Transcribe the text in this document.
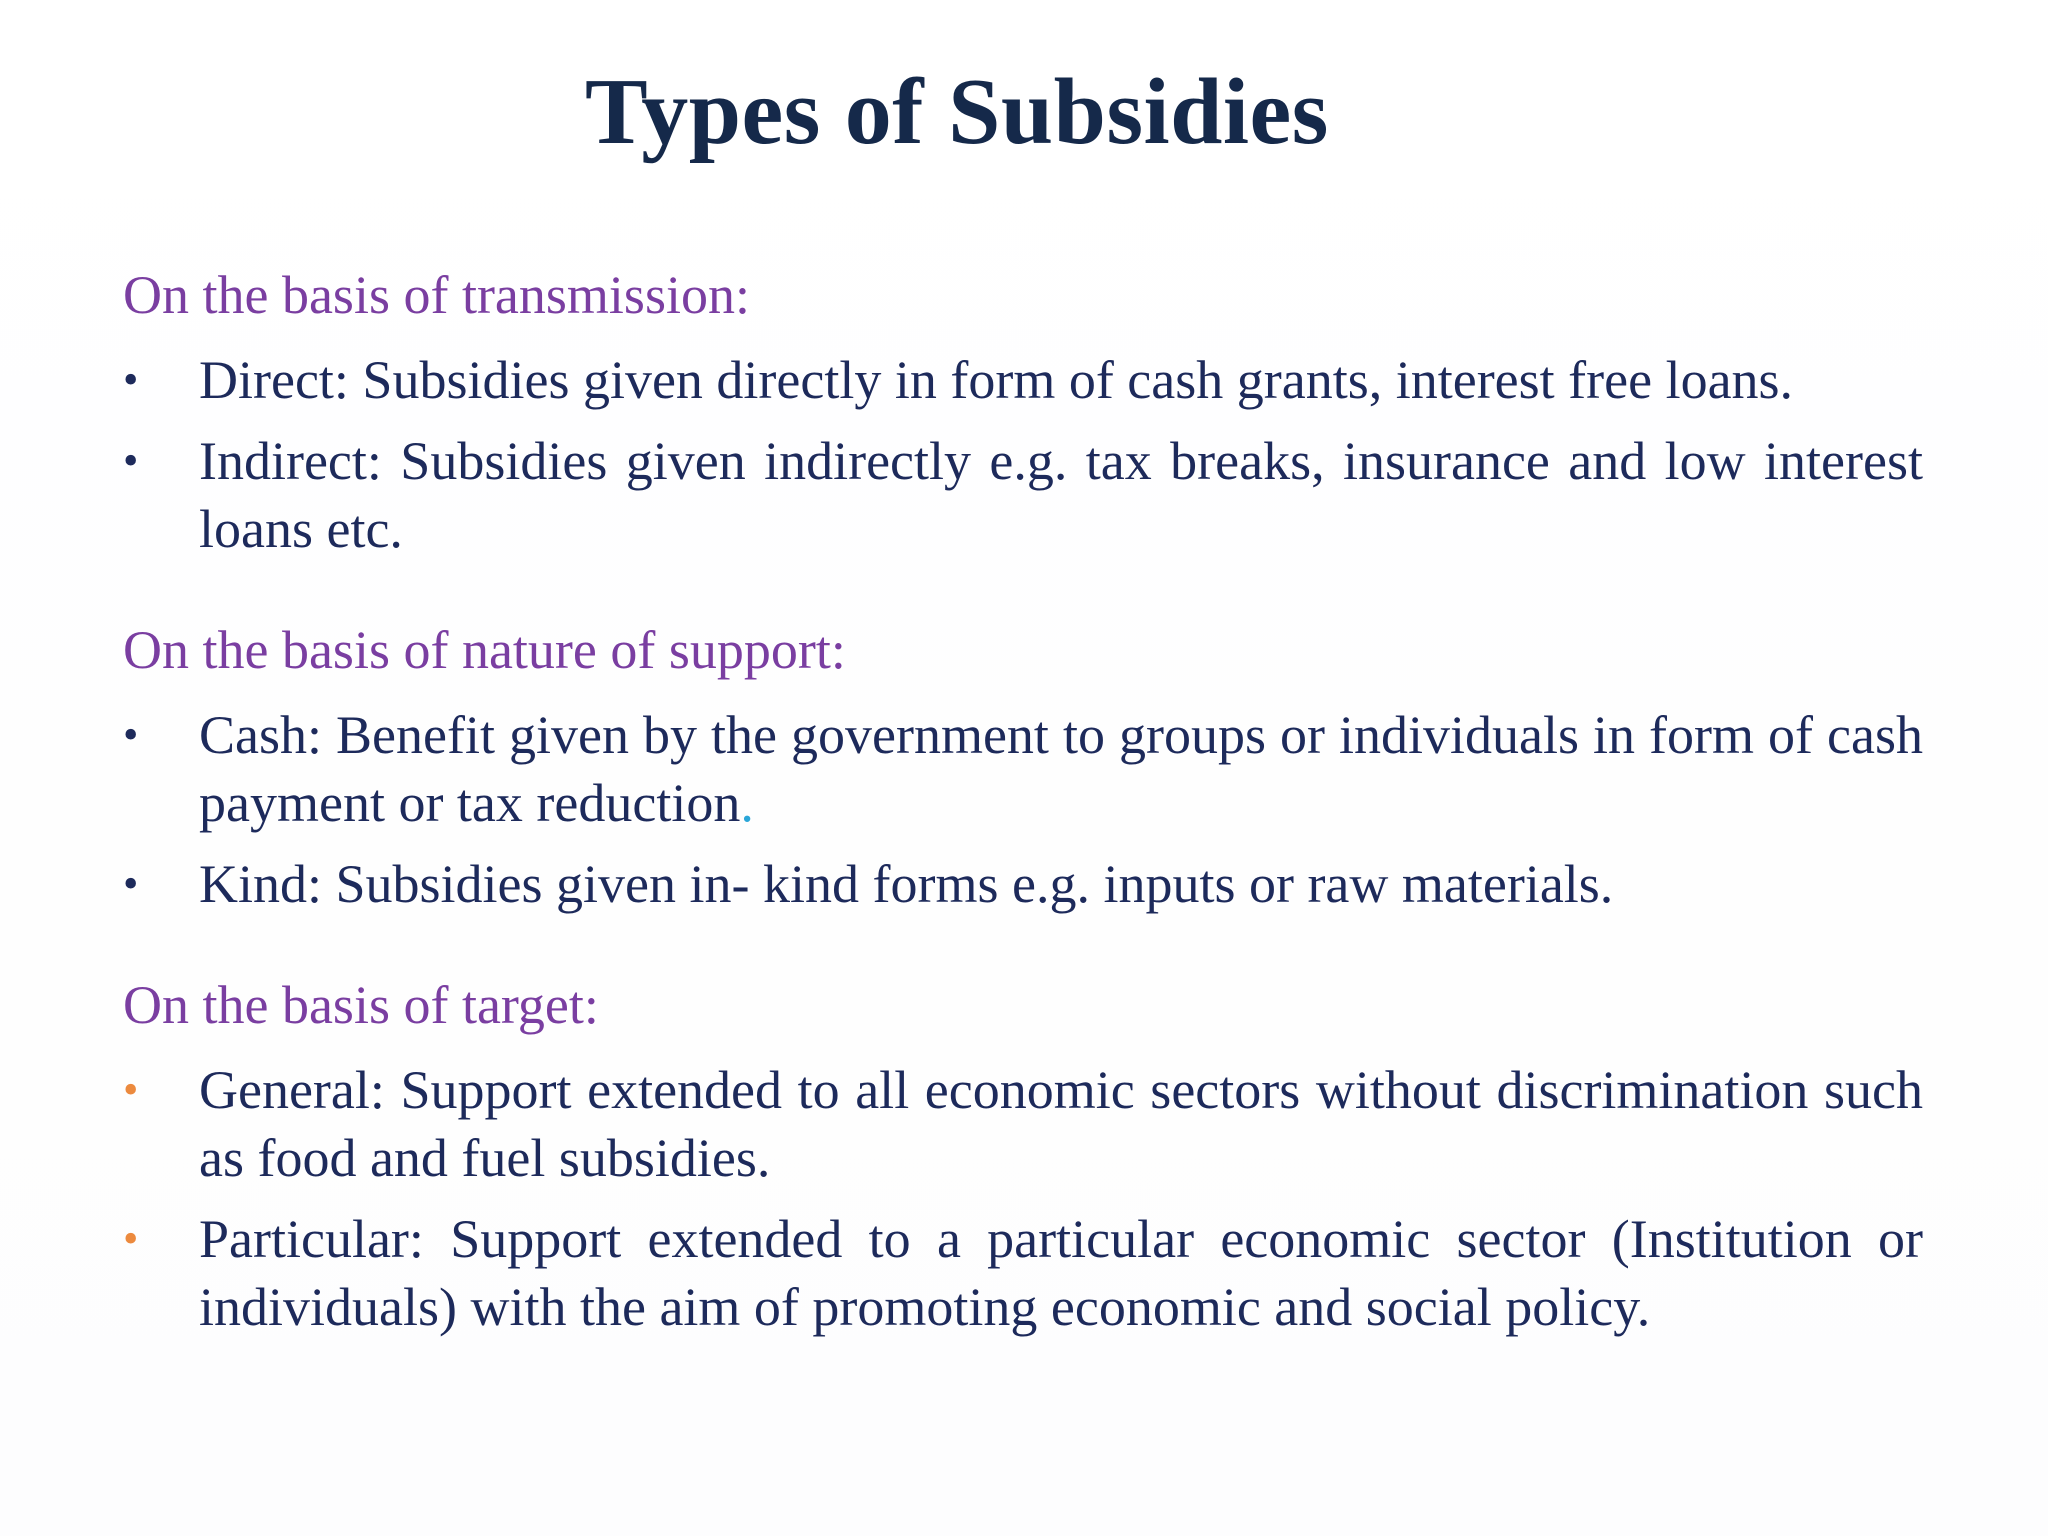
Types of Subsidies
On the basis of transmission:
• Direct: Subsidies given directly in form of cash grants, interest free loans.
• Indirect: Subsidies given indirectly e.g. tax breaks, insurance and low interest loans etc.
On the basis of nature of support:
• Cash: Benefit given by the government to groups or individuals in form of cash payment or tax reduction.
• Kind: Subsidies given in- kind forms e.g. inputs or raw materials.
On the basis of target:
• General: Support extended to all economic sectors without discrimination such as food and fuel subsidies.
• Particular: Support extended to a particular economic sector (Institution or individuals) with the aim of promoting economic and social policy.
